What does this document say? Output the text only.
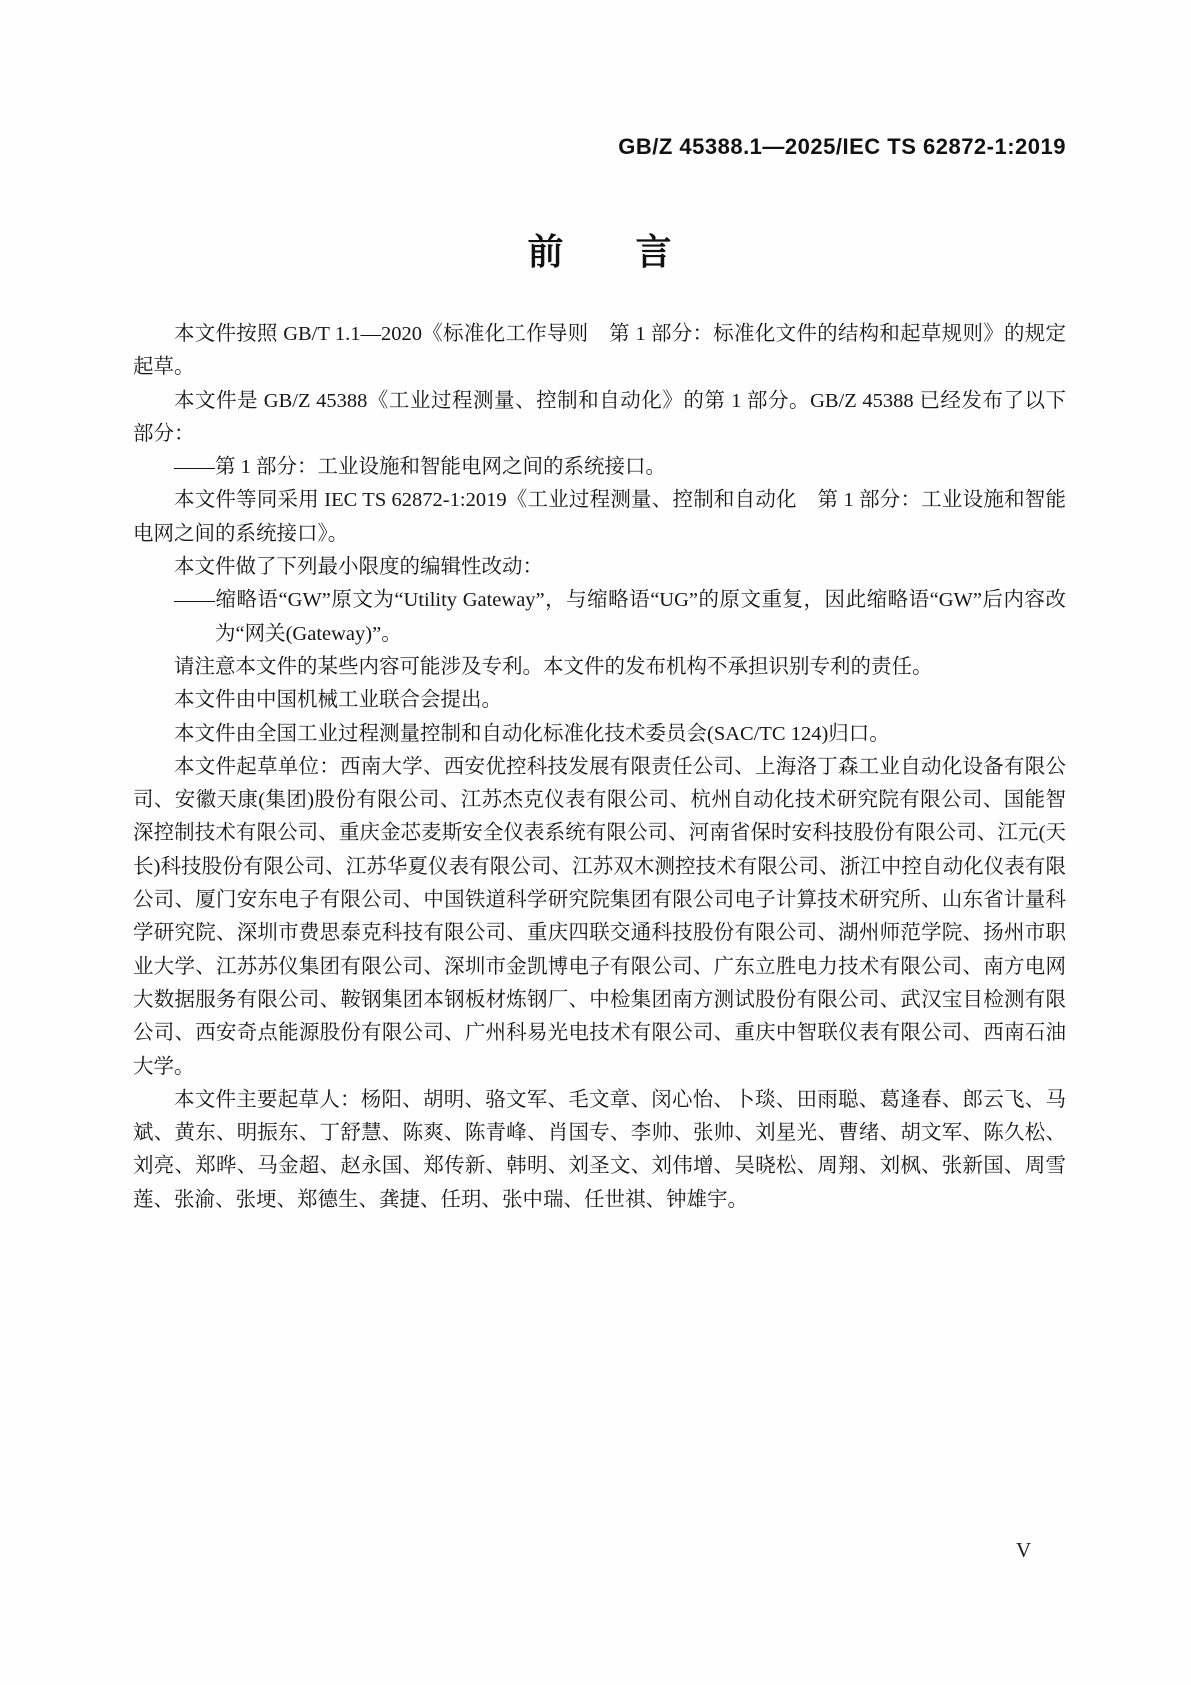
GB/Z 45388.1—2025/IEC TS 62872-1:2019
前　　言

本文件按照 GB/T 1.1—2020《标准化工作导则　第 1 部分：标准化文件的结构和起草规则》的规定起草。

本文件是 GB/Z 45388《工业过程测量、控制和自动化》的第 1 部分。GB/Z 45388 已经发布了以下部分：

——第 1 部分：工业设施和智能电网之间的系统接口。

本文件等同采用 IEC TS 62872-1:2019《工业过程测量、控制和自动化　第 1 部分：工业设施和智能电网之间的系统接口》。

本文件做了下列最小限度的编辑性改动：

——缩略语“GW”原文为“Utility Gateway”，与缩略语“UG”的原文重复，因此缩略语“GW”后内容改为“网关(Gateway)”。

请注意本文件的某些内容可能涉及专利。本文件的发布机构不承担识别专利的责任。

本文件由中国机械工业联合会提出。

本文件由全国工业过程测量控制和自动化标准化技术委员会(SAC/TC 124)归口。

本文件起草单位：西南大学、西安优控科技发展有限责任公司、上海洛丁森工业自动化设备有限公司、安徽天康(集团)股份有限公司、江苏杰克仪表有限公司、杭州自动化技术研究院有限公司、国能智深控制技术有限公司、重庆金芯麦斯安全仪表系统有限公司、河南省保时安科技股份有限公司、江元(天长)科技股份有限公司、江苏华夏仪表有限公司、江苏双木测控技术有限公司、浙江中控自动化仪表有限公司、厦门安东电子有限公司、中国铁道科学研究院集团有限公司电子计算技术研究所、山东省计量科学研究院、深圳市费思泰克科技有限公司、重庆四联交通科技股份有限公司、湖州师范学院、扬州市职业大学、江苏苏仪集团有限公司、深圳市金凯博电子有限公司、广东立胜电力技术有限公司、南方电网大数据服务有限公司、鞍钢集团本钢板材炼钢厂、中检集团南方测试股份有限公司、武汉宝目检测有限公司、西安奇点能源股份有限公司、广州科易光电技术有限公司、重庆中智联仪表有限公司、西南石油大学。

本文件主要起草人：杨阳、胡明、骆文军、毛文章、闵心怡、卜琰、田雨聪、葛逢春、郎云飞、马斌、黄东、明振东、丁舒慧、陈爽、陈青峰、肖国专、李帅、张帅、刘星光、曹绪、胡文军、陈久松、刘亮、郑晔、马金超、赵永国、郑传新、韩明、刘圣文、刘伟增、吴晓松、周翔、刘枫、张新国、周雪莲、张渝、张埂、郑德生、龚捷、任玥、张中瑞、任世祺、钟雄宇。

V
